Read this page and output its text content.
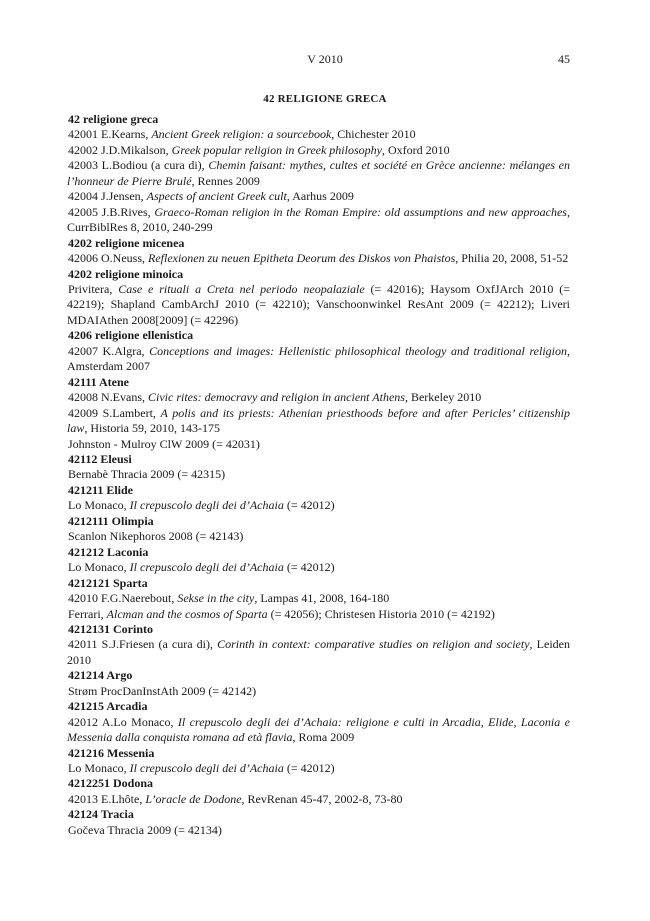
V 2010	45
42 RELIGIONE GRECA

42 religione greca

42001 E.Kearns, Ancient Greek religion: a sourcebook, Chichester 2010

42002 J.D.Mikalson, Greek popular religion in Greek philosophy, Oxford 2010

42003 L.Bodiou (a cura di), Chemin faisant: mythes, cultes et société en Grèce ancienne: mélanges en l’honneur de Pierre Brulé, Rennes 2009

42004 J.Jensen, Aspects of ancient Greek cult, Aarhus 2009

42005 J.B.Rives, Graeco-Roman religion in the Roman Empire: old assumptions and new approaches, CurrBiblRes 8, 2010, 240-299

4202 religione micenea

42006 O.Neuss, Reflexionen zu neuen Epitheta Deorum des Diskos von Phaistos, Philia 20, 2008, 51-52

4202 religione minoica

Privitera, Case e rituali a Creta nel periodo neopalaziale (= 42016); Haysom OxfJArch 2010 (= 42219); Shapland CambArchJ 2010 (= 42210); Vanschoonwinkel ResAnt 2009 (= 42212); Liveri MDAIAthen 2008[2009] (= 42296)

4206 religione ellenistica

42007 K.Algra, Conceptions and images: Hellenistic philosophical theology and traditional religion, Amsterdam 2007

42111 Atene

42008 N.Evans, Civic rites: democravy and religion in ancient Athens, Berkeley 2010

42009 S.Lambert, A polis and its priests: Athenian priesthoods before and after Pericles’ citizenship law, Historia 59, 2010, 143-175

Johnston - Mulroy ClW 2009 (= 42031)

42112 Eleusi

Bernabè Thracia 2009 (= 42315)

421211 Elide

Lo Monaco, Il crepuscolo degli dei d’Achaia (= 42012)

4212111 Olimpia

Scanlon Nikephoros 2008 (= 42143)

421212 Laconia

Lo Monaco, Il crepuscolo degli dei d’Achaia (= 42012)

4212121 Sparta

42010 F.G.Naerebout, Sekse in the city, Lampas 41, 2008, 164-180

Ferrari, Alcman and the cosmos of Sparta (= 42056); Christesen Historia 2010 (= 42192)

4212131 Corinto

42011 S.J.Friesen (a cura di), Corinth in context: comparative studies on religion and society, Leiden 2010

421214 Argo

Strøm ProcDanInstAth 2009 (= 42142)

421215 Arcadia

42012 A.Lo Monaco, Il crepuscolo degli dei d’Achaia: religione e culti in Arcadia, Elide, Laconia e Messenia dalla conquista romana ad età flavia, Roma 2009

421216 Messenia

Lo Monaco, Il crepuscolo degli dei d’Achaia (= 42012)

4212251 Dodona

42013 E.Lhôte, L’oracle de Dodone, RevRenan 45-47, 2002-8, 73-80

42124 Tracia

Gočeva Thracia 2009 (= 42134)
